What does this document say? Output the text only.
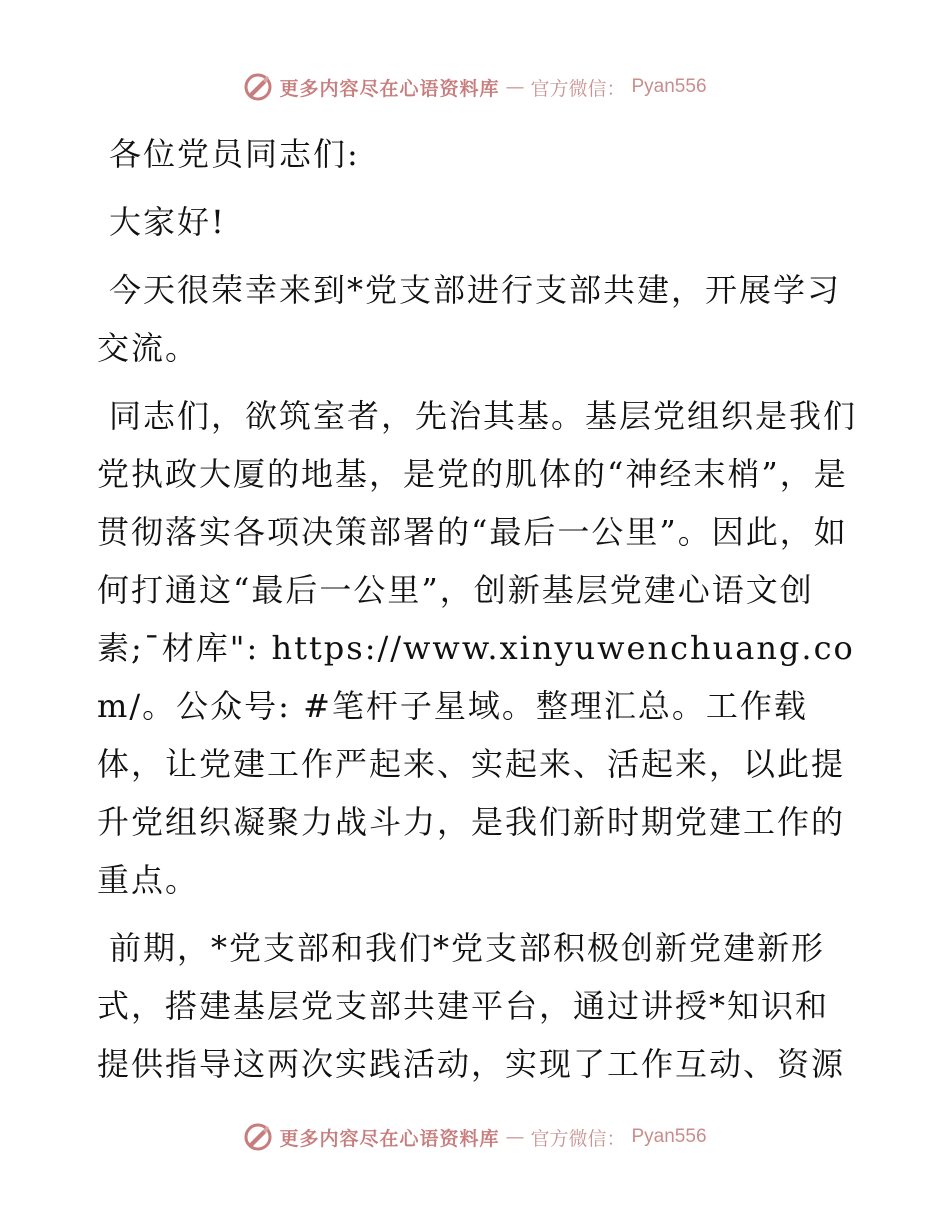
更多内容尽在心语资料库 — 官方微信： Pyan556

各位党员同志们:

大家好!

今天很荣幸来到*党支部进行支部共建，开展学习交流。

同志们，欲筑室者，先治其基。基层党组织是我们党执政大厦的地基，是党的肌体的“神经末梢”，是贯彻落实各项决策部署的“最后一公里”。因此，如何打通这“最后一公里”，创新基层党建心语文创素;¯材库": https://www.xinyuwenchuang.com/。公众号: #笔杆子星域。整理汇总。工作载体，让党建工作严起来、实起来、活起来，以此提升党组织凝聚力战斗力，是我们新时期党建工作的重点。

前期，*党支部和我们*党支部积极创新党建新形式，搭建基层党支部共建平台，通过讲授*知识和提供指导这两次实践活动，实现了工作互动、资源

更多内容尽在心语资料库 — 官方微信： Pyan556
